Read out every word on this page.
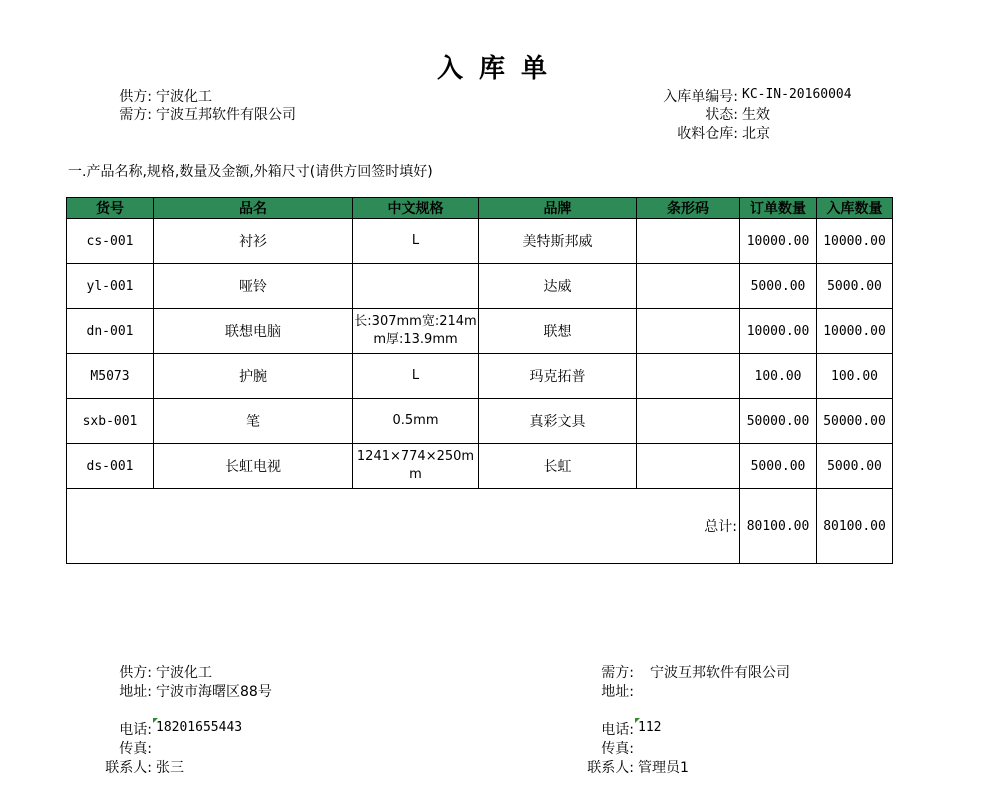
入库单
供方: 宁波化工
需方: 宁波互邦软件有限公司
入库单编号: KC-IN-20160004
状态: 生效
收料仓库: 北京
一.产品名称,规格,数量及金额,外箱尺寸(请供方回签时填好)
货号	品名	中文规格	品牌	条形码	订单数量	入库数量
cs-001	衬衫	L	美特斯邦威		10000.00	10000.00
yl-001	哑铃		达威		5000.00	5000.00
dn-001	联想电脑	长:307mm宽:214mm厚:13.9mm	联想		10000.00	10000.00
M5073	护腕	L	玛克拓普		100.00	100.00
sxb-001	笔	0.5mm	真彩文具		50000.00	50000.00
ds-001	长虹电视	1241×774×250mm	长虹		5000.00	5000.00
				总计:	80100.00	80100.00
供方: 宁波化工
地址: 宁波市海曙区88号
电话: 18201655443
传真:
联系人: 张三
需方: 宁波互邦软件有限公司
地址:
电话: 112
传真:
联系人: 管理员1
